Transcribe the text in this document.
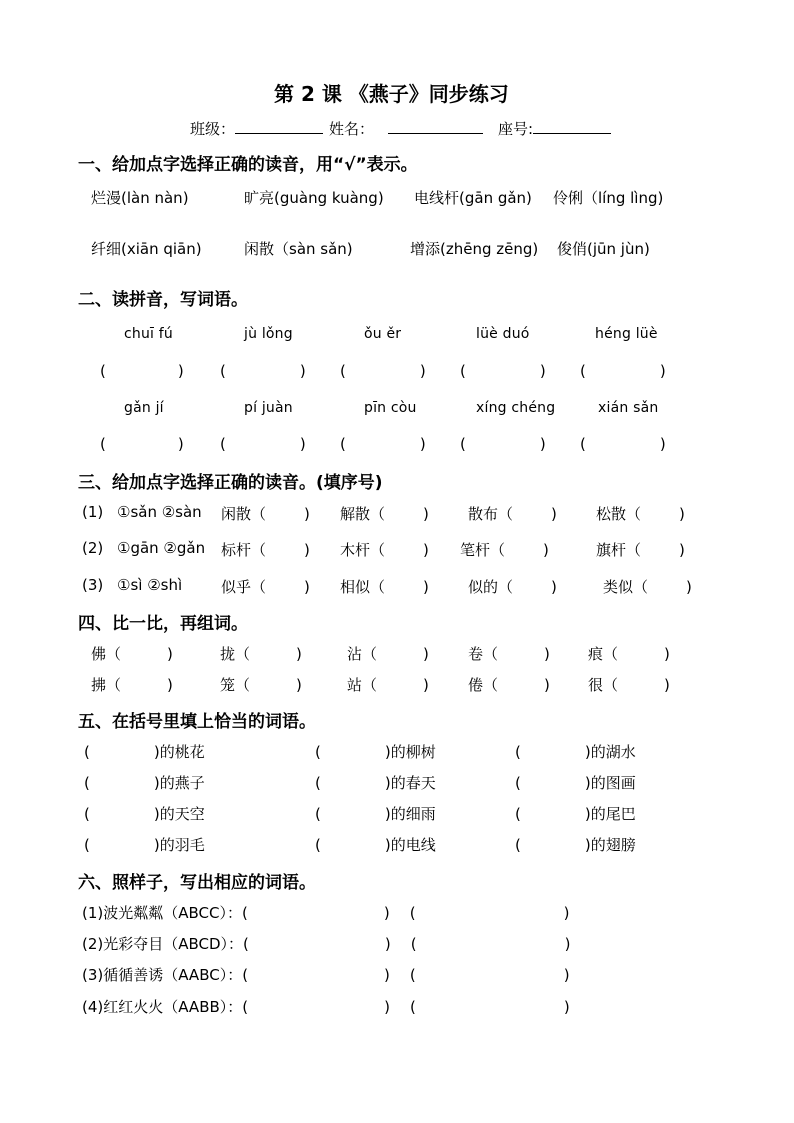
第 2 课 《燕子》同步练习
班级：	姓名：	座号:
一、给加点字选择正确的读音，用“√”表示。
烂漫(làn nàn)	旷亮(guàng kuàng) 电线杆(gān gǎn) 伶俐（líng lìng)
纤细(xiān qiān)	闲散（sàn sǎn)	增添(zhēng zēng) 俊俏(jūn jùn)
二、读拼音，写词语。
chuī fú	jù lǒng	ǒu ěr	lüè duó	héng lüè
(	) (	) (	) (	) (	)
gǎn jí	pí juàn	pīn còu	xíng chéng	xián sǎn
(	) (	) (	) (	) (	)
三、给加点字选择正确的读音。(填序号)
(1) ①sǎn ②sàn 闲散（	) 解散（	)	散布（	)	松散（	)
(2) ①gān ②gǎn 标杆（	) 木杆（	) 笔杆（	)	旗杆（	)
(3) ①sì ②shì	似乎（	) 相似（	)	似的（	)	类似（	)
四、比一比，再组词。
佛（	)	拢（	)	沾（	)	卷（	)	痕（	)
拂（	)	笼（	)	站（	)	倦（	)	很（	)
五、在括号里填上恰当的词语。
(	)的桃花	(	)的柳树	(	)的湖水
(	)的燕子	(	)的春天	(	)的图画
(	)的天空	(	)的细雨	(	)的尾巴
(	)的羽毛	(	)的电线	(	)的翅膀
六、照样子，写出相应的词语。
(1)波光粼粼（ABCC）：(	) (	)
(2)光彩夺目（ABCD）：(	) (	)
(3)循循善诱（AABC）：(	) (	)
(4)红红火火（AABB）：(	) (	)
